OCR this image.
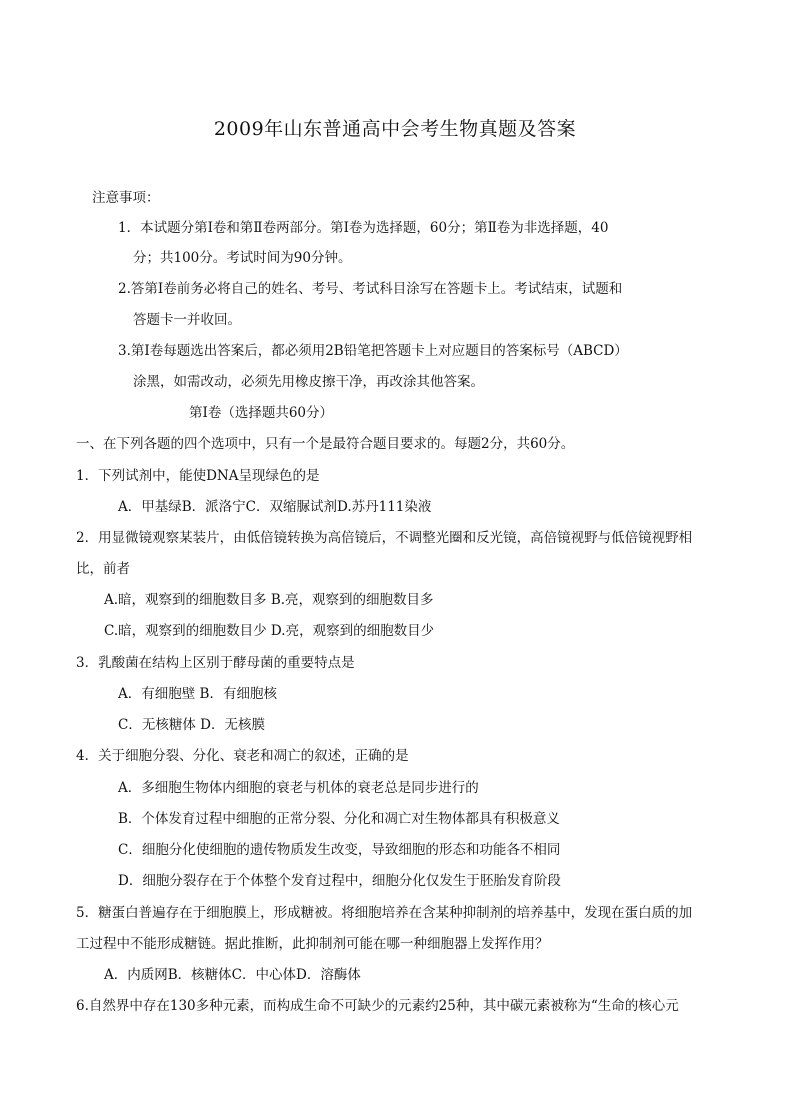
2009年山东普通高中会考生物真题及答案
注意事项：
1．本试题分第Ⅰ卷和第Ⅱ卷两部分。第Ⅰ卷为选择题，60分；第Ⅱ卷为非选择题，40
分；共100分。考试时间为90分钟。
2.答第Ⅰ卷前务必将自己的姓名、考号、考试科目涂写在答题卡上。考试结束，试题和
答题卡一并收回。
3.第Ⅰ卷每题选出答案后，都必须用2B铅笔把答题卡上对应题目的答案标号（ABCD）
涂黑，如需改动，必须先用橡皮擦干净，再改涂其他答案。
第Ⅰ卷（选择题共60分）
一、在下列各题的四个选项中，只有一个是最符合题目要求的。每题2分，共60分。
1．下列试剂中，能使DNA呈现绿色的是
A．甲基绿B．派洛宁C．双缩脲试剂D.苏丹111染液
2．用显微镜观察某装片，由低倍镜转换为高倍镜后，不调整光圈和反光镜，高倍镜视野与低倍镜视野相
比，前者
A.暗，观察到的细胞数目多 B.亮，观察到的细胞数目多
C.暗，观察到的细胞数目少 D.亮，观察到的细胞数目少
3．乳酸菌在结构上区别于酵母菌的重要特点是
A．有细胞壁 B．有细胞核
C．无核糖体 D．无核膜
4．关于细胞分裂、分化、衰老和凋亡的叙述，正确的是
A．多细胞生物体内细胞的衰老与机体的衰老总是同步进行的
B．个体发育过程中细胞的正常分裂、分化和凋亡对生物体都具有积极意义
C．细胞分化使细胞的遗传物质发生改变，导致细胞的形态和功能各不相同
D．细胞分裂存在于个体整个发育过程中，细胞分化仅发生于胚胎发育阶段
5．糖蛋白普遍存在于细胞膜上，形成糖被。将细胞培养在含某种抑制剂的培养基中，发现在蛋白质的加
工过程中不能形成糖链。据此推断，此抑制剂可能在哪一种细胞器上发挥作用？
A．内质网B．核糖体C．中心体D．溶酶体
6.自然界中存在130多种元素，而构成生命不可缺少的元素约25种，其中碳元素被称为“生命的核心元
